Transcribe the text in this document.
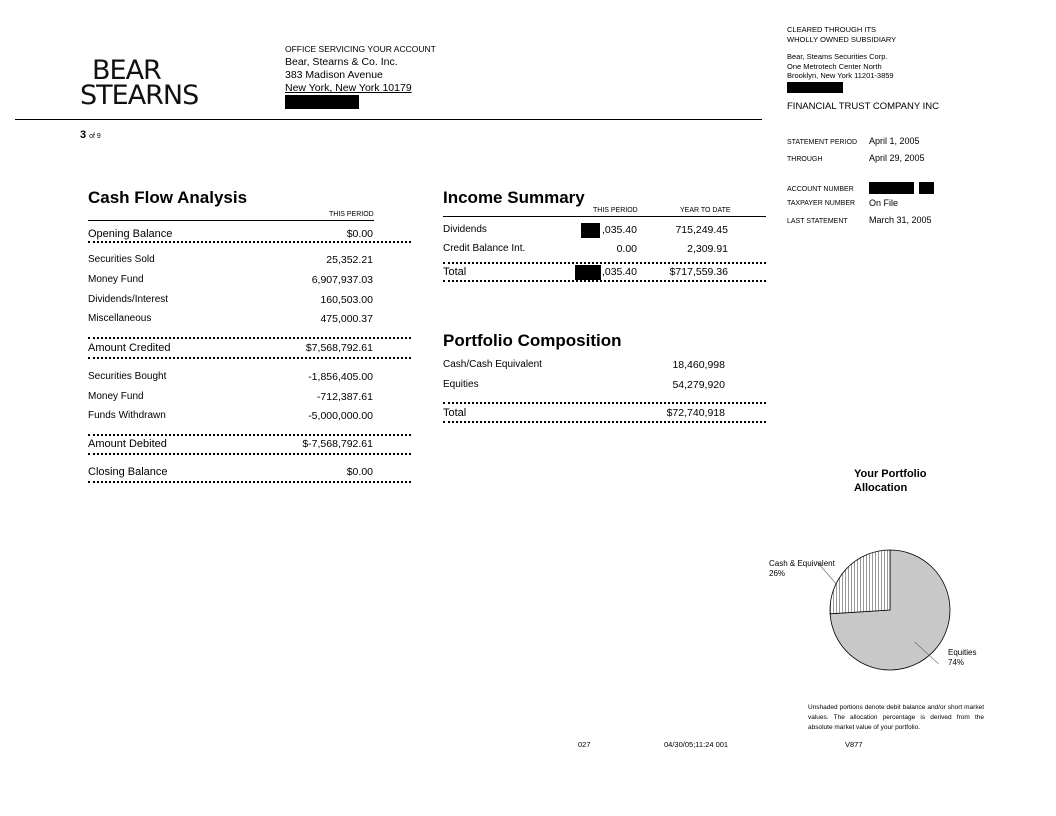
BEAR
STEARNS
OFFICE SERVICING YOUR ACCOUNT
Bear, Stearns & Co. Inc.
383 Madison Avenue
New York, New York 10179
CLEARED THROUGH ITS
WHOLLY OWNED SUBSIDIARY
Bear, Steams Securities Corp.
One Metrotech Center North
Brooklyn, New York 11201-3859
FINANCIAL TRUST COMPANY INC
3 of 9
STATEMENT PERIOD April 1, 2005
THROUGH	April 29, 2005
ACCOUNT NUMBER

TAXPAYER NUMBER On File
LAST STATEMENT March 31, 2005
Cash Flow Analysis
THIS PERIOD
Opening Balance	$0.00
Securities Sold	25,352.21
Money Fund	6,907,937.03
Dividends/Interest	160,503.00
Miscellaneous	475,000.37
Amount Credited	$7,568,792.61
Securities Bought	-1,856,405.00
Money Fund	-712,387.61
Funds Withdrawn	-5,000,000.00
Amount Debited	$-7,568,792.61
Closing Balance	$0.00
Income Summary
THIS PERIOD	YEAR TO DATE
Dividends	,035.40	715,249.45
Credit Balance Int.	0.00	2,309.91
Total	,035.40	$717,559.36
Portfolio Composition
Cash/Cash Equivalent	18,460,998
Equities	54,279,920
Total	$72,740,918
Your Portfolio
Allocation
Cash & Equivalent
26%
Equities
74%
Unshaded portions denote debit balance and/or short market values. The allocation percentage is derived from the absolute market value of your portfolio.
027	04/30/05;11:24 001	V877
